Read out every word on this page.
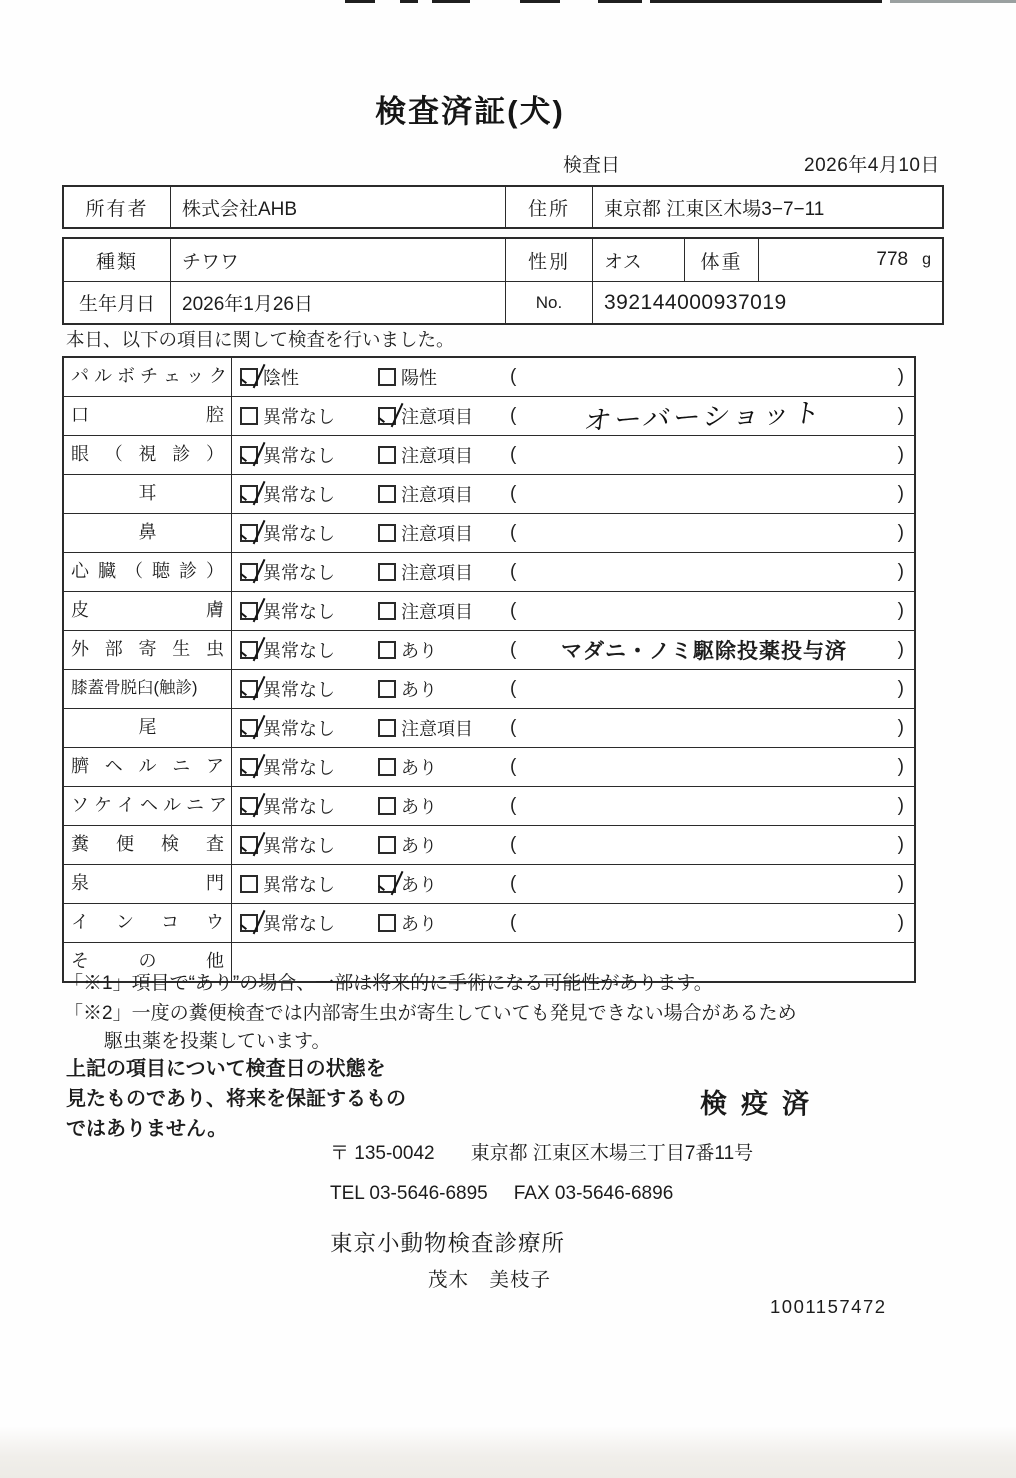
検査済証(犬)
検査日	2026年4月10日
所有者	株式会社AHB	住所	東京都 江東区木場3−7−11
種類	チワワ	性別	オス	体重	778 g
生年月日	2026年1月26日	No.	392144000937019
本日、以下の項目に関して検査を行いました。
パ ル ボ チ ェ ッ ク 陰性	陽性	(	)
口 腔	異常なし	注意項目 (	オーバーショット	)
眼 （ 視 診 ）	異常なし	注意項目 (	)
耳	異常なし	注意項目 (	)
鼻	異常なし	注意項目 (	)
心 臓 （ 聴 診 ）	異常なし	注意項目 (	)
皮 膚	異常なし	注意項目 (	)
外 部 寄 生 虫	異常なし	あり	(	マダニ・ノミ駆除投薬投与済	)
膝蓋骨脱臼(触診)	異常なし	あり	(	)
尾	異常なし	注意項目 (	)
臍 ヘ ル ニ ア	異常なし	あり	(	)
ソ ケ イ ヘ ル ニ ア 異常なし	あり	(	)
糞 便 検 査	異常なし	あり	(	)
泉 門	異常なし	あり	(	)
イ ン コ ウ	異常なし	あり	(	)
そ の 他
「※1」項目で“あり”の場合、一部は将来的に手術になる可能性があります。
「※2」一度の糞便検査では内部寄生虫が寄生していても発見できない場合があるため
駆虫薬を投薬しています。
上記の項目について検査日の状態を
見たものであり、将来を保証するもの
ではありません。
検疫済
〒 135-0042 東京都 江東区木場三丁目7番11号
TEL 03-5646-6895 FAX 03-5646-6896
東京小動物検査診療所
茂木　美枝子
1001157472
